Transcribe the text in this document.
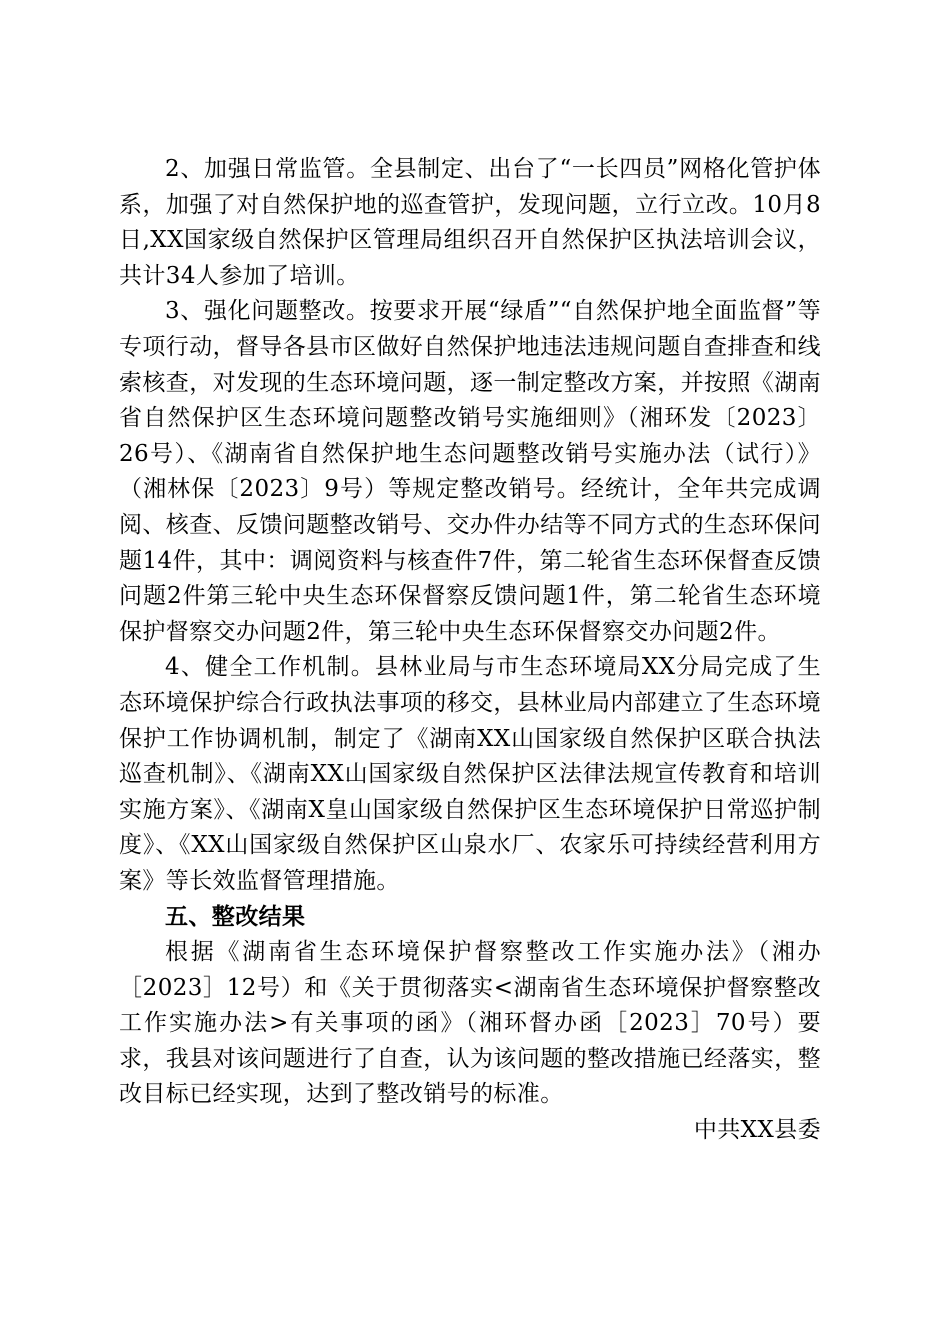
2、加强日常监管。全县制定、出台了“一长四员”网格化管护体系，加强了对自然保护地的巡查管护，发现问题，立行立改。10月8日,XX国家级自然保护区管理局组织召开自然保护区执法培训会议，共计34人参加了培训。

3、强化问题整改。按要求开展“绿盾”“自然保护地全面监督”等专项行动，督导各县市区做好自然保护地违法违规问题自查排查和线索核查，对发现的生态环境问题，逐一制定整改方案，并按照《湖南省自然保护区生态环境问题整改销号实施细则》（湘环发〔2023〕26号）、《湖南省自然保护地生态问题整改销号实施办法（试行）》（湘林保〔2023〕9号）等规定整改销号。经统计，全年共完成调阅、核查、反馈问题整改销号、交办件办结等不同方式的生态环保问题14件，其中：调阅资料与核查件7件，第二轮省生态环保督查反馈问题2件第三轮中央生态环保督察反馈问题1件，第二轮省生态环境保护督察交办问题2件，第三轮中央生态环保督察交办问题2件。

4、健全工作机制。县林业局与市生态环境局XX分局完成了生态环境保护综合行政执法事项的移交，县林业局内部建立了生态环境保护工作协调机制，制定了《湖南XX山国家级自然保护区联合执法巡查机制》、《湖南XX山国家级自然保护区法律法规宣传教育和培训实施方案》、《湖南X皇山国家级自然保护区生态环境保护日常巡护制度》、《XX山国家级自然保护区山泉水厂、农家乐可持续经营利用方案》等长效监督管理措施。

五、整改结果

根据《湖南省生态环境保护督察整改工作实施办法》（湘办［2023］12号）和《关于贯彻落实<湖南省生态环境保护督察整改工作实施办法>有关事项的函》（湘环督办函［2023］70号）要求，我县对该问题进行了自查，认为该问题的整改措施已经落实，整改目标已经实现，达到了整改销号的标准。

中共XX县委
